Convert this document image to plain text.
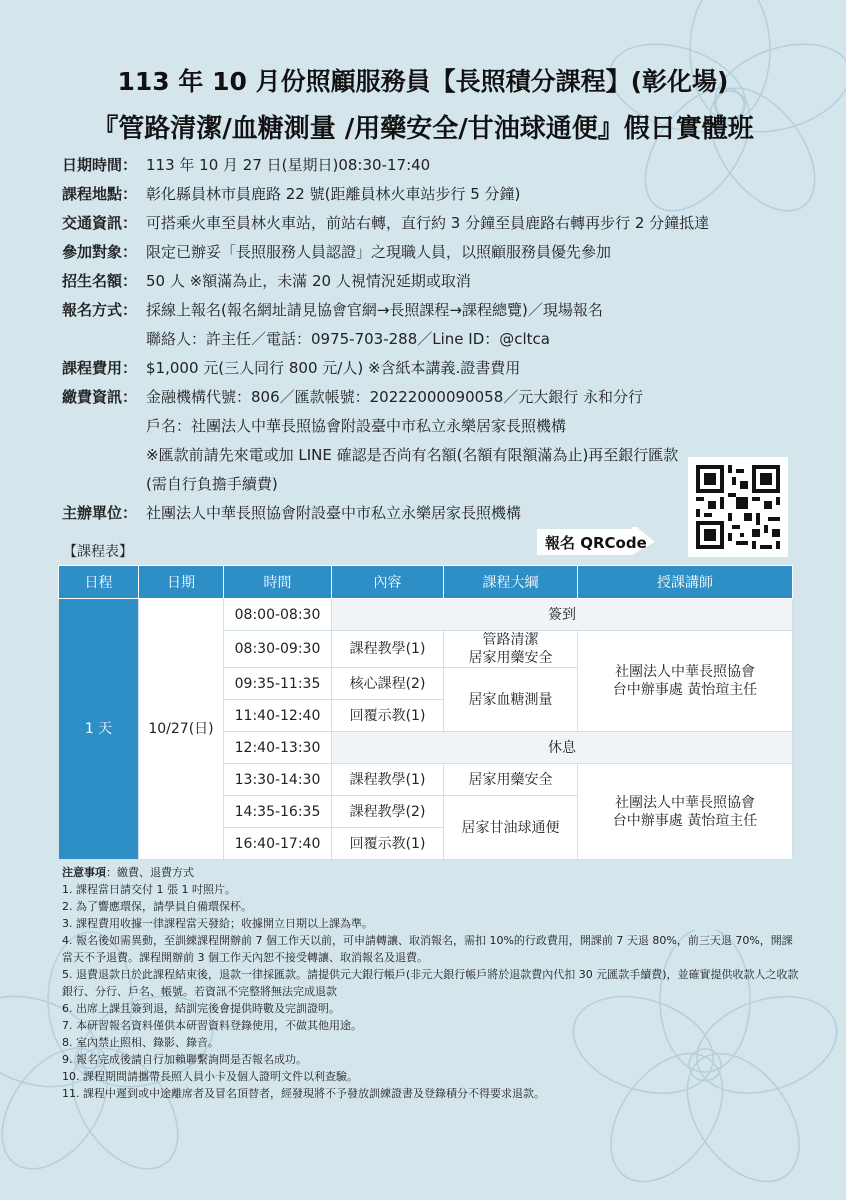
113 年 10 月份照顧服務員【長照積分課程】(彰化場)
『管路清潔/血糖測量 /用藥安全/甘油球通便』假日實體班
日期時間： 113 年 10 月 27 日(星期日)08:30-17:40
課程地點： 彰化縣員林市員鹿路 22 號(距離員林火車站步行 5 分鐘)
交通資訊： 可搭乘火車至員林火車站，前站右轉，直行約 3 分鐘至員鹿路右轉再步行 2 分鐘抵達
參加對象： 限定已辦妥「長照服務人員認證」之現職人員，以照顧服務員優先參加
招生名額： 50 人 ※額滿為止，未滿 20 人視情況延期或取消
報名方式： 採線上報名(報名網址請見協會官網→長照課程→課程總覽)／現場報名
聯絡人：許主任／電話：0975-703-288／Line ID：@cltca
課程費用： $1,000 元(三人同行 800 元/人) ※含紙本講義.證書費用
繳費資訊： 金融機構代號：806／匯款帳號：20222000090058／元大銀行 永和分行
戶名：社團法人中華長照協會附設臺中市私立永樂居家長照機構
※匯款前請先來電或加 LINE 確認是否尚有名額(名額有限額滿為止)再至銀行匯款
(需自行負擔手續費)
主辦單位： 社團法人中華長照協會附設臺中市私立永樂居家長照機構
報名 QRCode
【課程表】
日程	日期	時間	內容	課程大綱	授課講師
1 天	10/27(日)	08:00-08:30	簽到		
		08:30-09:30	課程教學(1)	管路清潔
居家用藥安全	社團法人中華長照協會
台中辦事處 黃怡瑄主任
		09:35-11:35	核心課程(2)	居家血糖測量	
		11:40-12:40	回覆示教(1)		
		12:40-13:30	休息		
		13:30-14:30	課程教學(1)	居家用藥安全	社團法人中華長照協會
台中辦事處 黃怡瑄主任
		14:35-16:35	課程教學(2)	居家甘油球通便	
		16:40-17:40	回覆示教(1)		
注意事項：繳費、退費方式
1. 課程當日請交付 1 張 1 吋照片。
2. 為了響應環保，請學員自備環保杯。
3. 課程費用收據一律課程當天發給；收據開立日期以上課為準。
4. 報名後如需異動，至訓練課程開辦前 7 個工作天以前，可申請轉讓、取消報名，需扣 10%的行政費用，開課前 7 天退 80%，前三天退 70%，開課當天不予退費。課程開辦前 3 個工作天內恕不接受轉讓、取消報名及退費。
5. 退費退款日於此課程結束後，退款一律採匯款。請提供元大銀行帳戶(非元大銀行帳戶將於退款費內代扣 30 元匯款手續費)，並確實提供收款人之收款銀行、分行、戶名、帳號。若資訊不完整將無法完成退款
6. 出席上課且簽到退，結訓完後會提供時數及完訓證明。
7. 本研習報名資料僅供本研習資料登錄使用，不做其他用途。
8. 室內禁止照相、錄影、錄音。
9. 報名完成後請自行加賴聯繫詢問是否報名成功。
10. 課程期間請攜帶長照人員小卡及個人證明文件以利查驗。
11. 課程中遲到或中途離席者及冒名頂替者，經發現將不予發放訓練證書及登錄積分不得要求退款。
